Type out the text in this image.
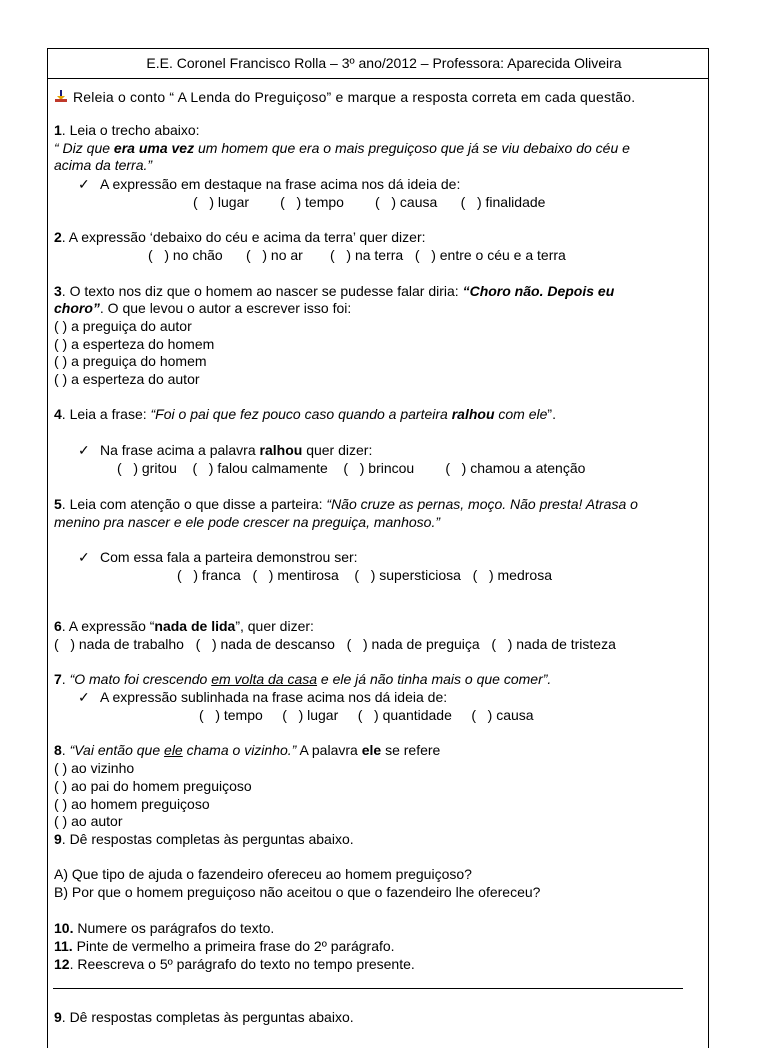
E.E. Coronel Francisco Rolla – 3º ano/2012 – Professora: Aparecida Oliveira
Releia o conto “ A Lenda do Preguiçoso” e marque a resposta correta em cada questão.
1. Leia o trecho abaixo:
“ Diz que era uma vez um homem que era o mais preguiçoso que já se viu debaixo do céu e
acima da terra.”
✓ A expressão em destaque na frase acima nos dá ideia de:
(   ) lugar        (   ) tempo        (   ) causa      (   ) finalidade
2. A expressão ‘debaixo do céu e acima da terra’ quer dizer:
(   ) no chão      (   ) no ar       (   ) na terra   (   ) entre o céu e a terra
3. O texto nos diz que o homem ao nascer se pudesse falar diria: “Choro não. Depois eu
choro”. O que levou o autor a escrever isso foi:
( ) a preguiça do autor
( ) a esperteza do homem
( ) a preguiça do homem
( ) a esperteza do autor
4. Leia a frase: “Foi o pai que fez pouco caso quando a parteira ralhou com ele”.
✓ Na frase acima a palavra ralhou quer dizer:
(   ) gritou    (   ) falou calmamente    (   ) brincou        (   ) chamou a atenção
5. Leia com atenção o que disse a parteira: “Não cruze as pernas, moço. Não presta! Atrasa o
menino pra nascer e ele pode crescer na preguiça, manhoso.”
✓ Com essa fala a parteira demonstrou ser:
(   ) franca   (   ) mentirosa    (   ) supersticiosa   (   ) medrosa
6. A expressão “nada de lida”, quer dizer:
(   ) nada de trabalho   (   ) nada de descanso   (   ) nada de preguiça   (   ) nada de tristeza
7. “O mato foi crescendo em volta da casa e ele já não tinha mais o que comer”.
✓ A expressão sublinhada na frase acima nos dá ideia de:
(   ) tempo     (   ) lugar     (   ) quantidade     (   ) causa
8. “Vai então que ele chama o vizinho.” A palavra ele se refere
( ) ao vizinho
( ) ao pai do homem preguiçoso
( ) ao homem preguiçoso
( ) ao autor
9. Dê respostas completas às perguntas abaixo.
A) Que tipo de ajuda o fazendeiro ofereceu ao homem preguiçoso?
B) Por que o homem preguiçoso não aceitou o que o fazendeiro lhe ofereceu?
10. Numere os parágrafos do texto.
11. Pinte de vermelho a primeira frase do 2º parágrafo.
12. Reescreva o 5º parágrafo do texto no tempo presente.
9. Dê respostas completas às perguntas abaixo.
